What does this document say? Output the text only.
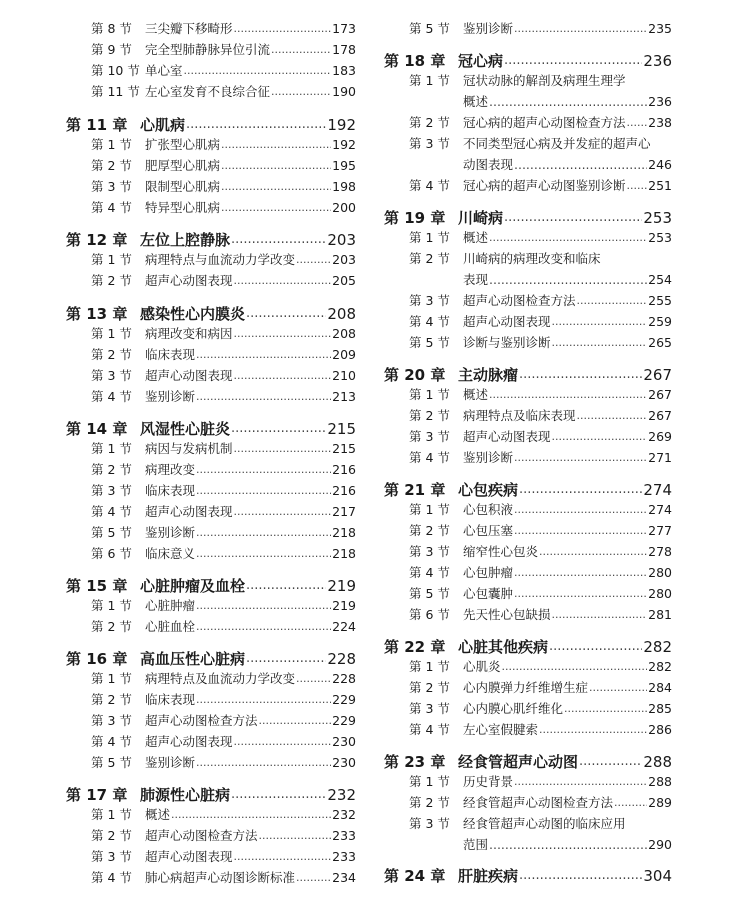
第 8 节	三尖瓣下移畸形 .....	173
第 9 节	完全型肺静脉异位引流 .....	178
第 10 节 单心室 .....	183
第 11 节 左心室发育不良综合征 .....	190
第 11 章 心肌病 .....	192
第 1 节	扩张型心肌病 .....	192
第 2 节	肥厚型心肌病 .....	195
第 3 节	限制型心肌病 .....	198
第 4 节	特异型心肌病 .....	200
第 12 章 左位上腔静脉 .....	203
第 1 节	病理特点与血流动力学改变 .....	203
第 2 节	超声心动图表现 .....	205
第 13 章 感染性心内膜炎 .....	208
第 1 节	病理改变和病因 .....	208
第 2 节	临床表现 .....	209
第 3 节	超声心动图表现 .....	210
第 4 节	鉴别诊断 .....	213
第 14 章 风湿性心脏炎 .....	215
第 1 节	病因与发病机制 .....	215
第 2 节	病理改变 .....	216
第 3 节	临床表现 .....	216
第 4 节	超声心动图表现 .....	217
第 5 节	鉴别诊断 .....	218
第 6 节	临床意义 .....	218
第 15 章 心脏肿瘤及血栓 .....	219
第 1 节	心脏肿瘤 .....	219
第 2 节	心脏血栓 .....	224
第 16 章 高血压性心脏病 .....	228
第 1 节	病理特点及血流动力学改变 .....	228
第 2 节	临床表现 .....	229
第 3 节	超声心动图检查方法 .....	229
第 4 节	超声心动图表现 .....	230
第 5 节	鉴别诊断 .....	230
第 17 章 肺源性心脏病 .....	232
第 1 节	概述 .....	232
第 2 节	超声心动图检查方法 .....	233
第 3 节	超声心动图表现 .....	233
第 4 节	肺心病超声心动图诊断标准 .....	234
第 5 节	鉴别诊断 .....	235
第 18 章 冠心病 .....	236
第 1 节	冠状动脉的解剖及病理生理学
概述 .....	236
第 2 节	冠心病的超声心动图检查方法 ..... 238
第 3 节	不同类型冠心病及并发症的超声心
动图表现 .....	246
第 4 节	冠心病的超声心动图鉴别诊断 ..... 251
第 19 章 川崎病 .....	253
第 1 节	概述 .....	253
第 2 节	川崎病的病理改变和临床
表现 .....	254
第 3 节	超声心动图检查方法 .....	255
第 4 节	超声心动图表现 .....	259
第 5 节	诊断与鉴别诊断 .....	265
第 20 章 主动脉瘤 .....	267
第 1 节	概述 .....	267
第 2 节	病理特点及临床表现 .....	267
第 3 节	超声心动图表现 .....	269
第 4 节	鉴别诊断 .....	271
第 21 章 心包疾病 .....	274
第 1 节	心包积液 .....	274
第 2 节	心包压塞 .....	277
第 3 节	缩窄性心包炎 .....	278
第 4 节	心包肿瘤 .....	280
第 5 节	心包囊肿 .....	280
第 6 节	先天性心包缺损 .....	281
第 22 章 心脏其他疾病 .....	282
第 1 节	心肌炎 .....	282
第 2 节	心内膜弹力纤维增生症 .....	284
第 3 节	心内膜心肌纤维化 .....	285
第 4 节	左心室假腱索 .....	286
第 23 章 经食管超声心动图 .....	288
第 1 节	历史背景 .....	288
第 2 节	经食管超声心动图检查方法 .....	289
第 3 节	经食管超声心动图的临床应用
范围 .....	290
第 24 章 肝脏疾病 .....	304
